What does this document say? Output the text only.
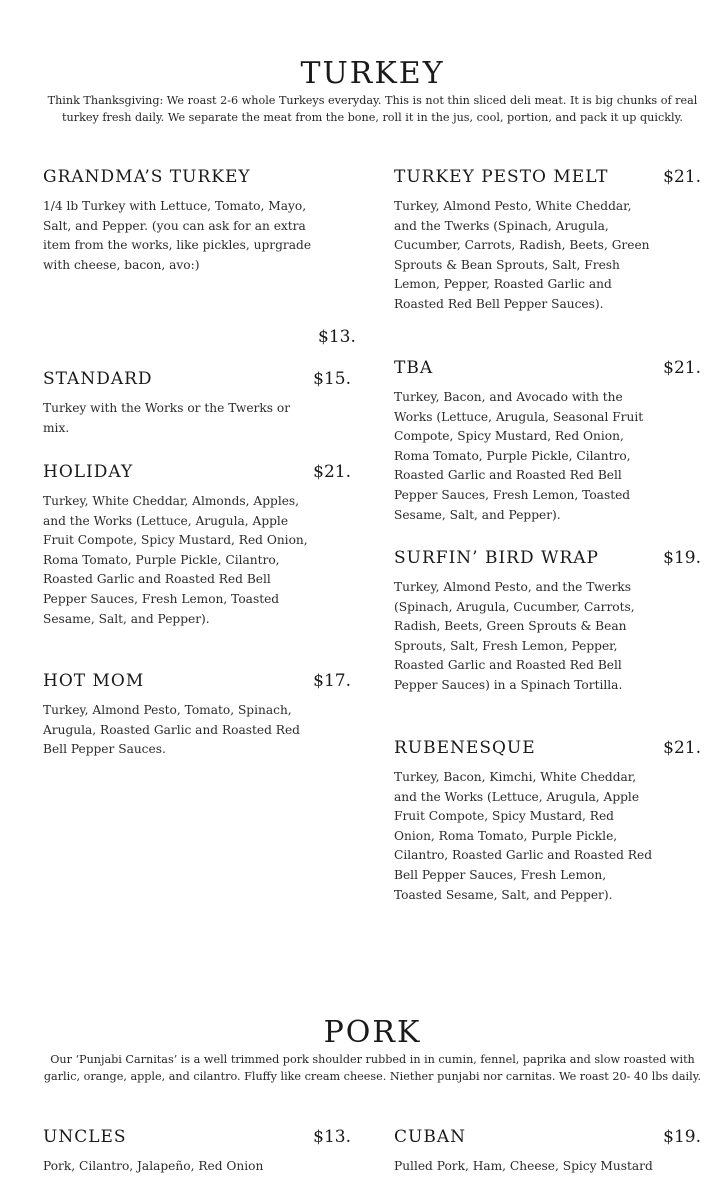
TURKEY

Think Thanksgiving: We roast 2-6 whole Turkeys everyday. This is not thin sliced deli meat. It is big chunks of real turkey fresh daily. We separate the meat from the bone, roll it in the jus, cool, portion, and pack it up quickly.

GRANDMA’S TURKEY

1/4 lb Turkey with Lettuce, Tomato, Mayo, Salt, and Pepper. (you can ask for an extra item from the works, like pickles, uprgrade with cheese, bacon, avo:)

$13.
STANDARD	$15.

Turkey with the Works or the Twerks or mix.

HOLIDAY	$21.

Turkey, White Cheddar, Almonds, Apples, and the Works (Lettuce, Arugula, Apple Fruit Compote, Spicy Mustard, Red Onion, Roma Tomato, Purple Pickle, Cilantro, Roasted Garlic and Roasted Red Bell Pepper Sauces, Fresh Lemon, Toasted Sesame, Salt, and Pepper).

HOT MOM	$17.

Turkey, Almond Pesto, Tomato, Spinach, Arugula, Roasted Garlic and Roasted Red Bell Pepper Sauces.

TURKEY PESTO MELT	$21.

Turkey, Almond Pesto, White Cheddar, and the Twerks (Spinach, Arugula, Cucumber, Carrots, Radish, Beets, Green Sprouts & Bean Sprouts, Salt, Fresh Lemon, Pepper, Roasted Garlic and Roasted Red Bell Pepper Sauces).

TBA	$21.

Turkey, Bacon, and Avocado with the Works (Lettuce, Arugula, Seasonal Fruit Compote, Spicy Mustard, Red Onion, Roma Tomato, Purple Pickle, Cilantro, Roasted Garlic and Roasted Red Bell Pepper Sauces, Fresh Lemon, Toasted Sesame, Salt, and Pepper).

SURFIN’ BIRD WRAP	$19.

Turkey, Almond Pesto, and the Twerks (Spinach, Arugula, Cucumber, Carrots, Radish, Beets, Green Sprouts & Bean Sprouts, Salt, Fresh Lemon, Pepper, Roasted Garlic and Roasted Red Bell Pepper Sauces) in a Spinach Tortilla.

RUBENESQUE	$21.

Turkey, Bacon, Kimchi, White Cheddar, and the Works (Lettuce, Arugula, Apple Fruit Compote, Spicy Mustard, Red Onion, Roma Tomato, Purple Pickle, Cilantro, Roasted Garlic and Roasted Red Bell Pepper Sauces, Fresh Lemon, Toasted Sesame, Salt, and Pepper).

PORK

Our ‘Punjabi Carnitas’ is a well trimmed pork shoulder rubbed in in cumin, fennel, paprika and slow roasted with garlic, orange, apple, and cilantro. Fluffy like cream cheese. Niether punjabi nor carnitas. We roast 20- 40 lbs daily.

UNCLES	$13.

Pork, Cilantro, Jalapeño, Red Onion

CUBAN	$19.

Pulled Pork, Ham, Cheese, Spicy Mustard
